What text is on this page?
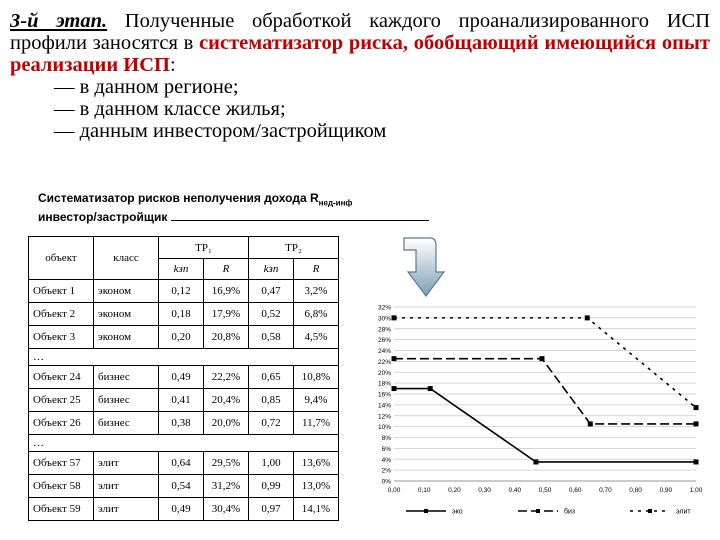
3-й этап. Полученные обработкой каждого проанализированного ИСП профили заносятся в систематизатор риска, обобщающий имеющийся опыт реализации ИСП:

— в данном регионе;

— в данном классе жилья;

— данным инвестором/застройщиком

Систематизатор рисков неполучения дохода $R_{нед-инф}$
инвестор/застройщик
объект	класс	ТР₁		ТР₂	
		kзп	R	kзп	R
Объект 1	эконом	0,12	16,9%	0,47	3,2%
Объект 2	эконом	0,18	17,9%	0,52	6,8%
Объект 3	эконом	0,20	20,8%	0,58	4,5%
…					
Объект 24	бизнес	0,49	22,2%	0,65	10,8%
Объект 25	бизнес	0,41	20,4%	0,85	9,4%
Объект 26	бизнес	0,38	20,0%	0,72	11,7%
…					
Объект 57	элит	0,64	29,5%	1,00	13,6%
Объект 58	элит	0,54	31,2%	0,99	13,0%
Объект 59	элит	0,49	30,4%	0,97	14,1%
0%
2%
4%
6%
8%
10%
12%
14%
16%
18%
20%
22%
24%
26%
28%
30%
32%
0,00	0,10	0,20	0,30	0,40	0,50	0,60	0,70	0,80	0,90	1,00
эко	биз	элит
